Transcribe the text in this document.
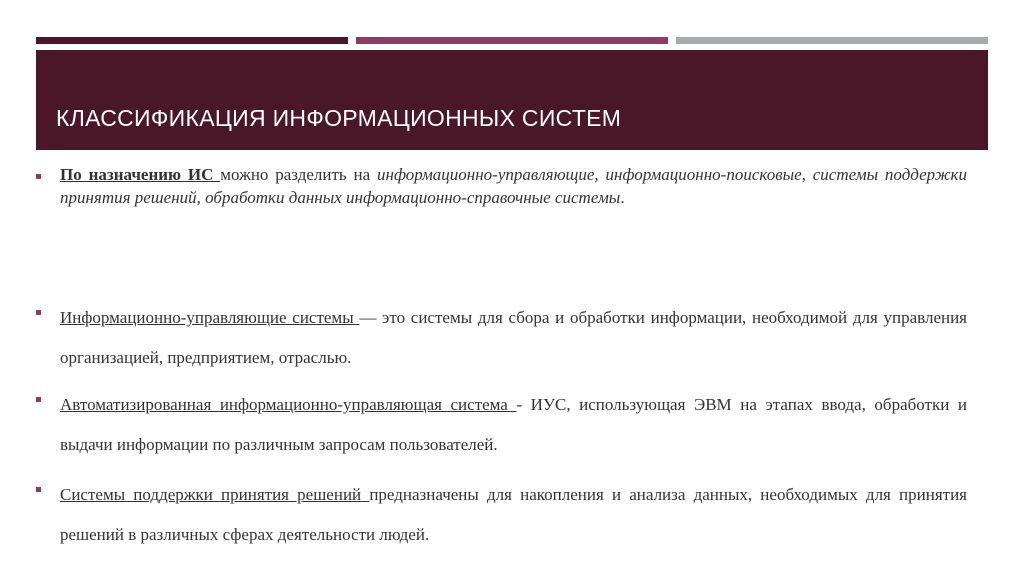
КЛАССИФИКАЦИЯ ИНФОРМАЦИОННЫХ СИСТЕМ
По назначению ИС можно разделить на информационно-управляющие, информационно-поисковые, системы поддержки принятия решений, обработки данных информационно-справочные системы.
Информационно-управляющие системы — это системы для сбора и обработки информации, необходимой для управления организацией, предприятием, отраслью.
Автоматизированная информационно-управляющая система - ИУС, использующая ЭВМ на этапах ввода, обработки и выдачи информации по различным запросам пользователей.
Системы поддержки принятия решений предназначены для накопления и анализа данных, необходимых для принятия решений в различных сферах деятельности людей.
